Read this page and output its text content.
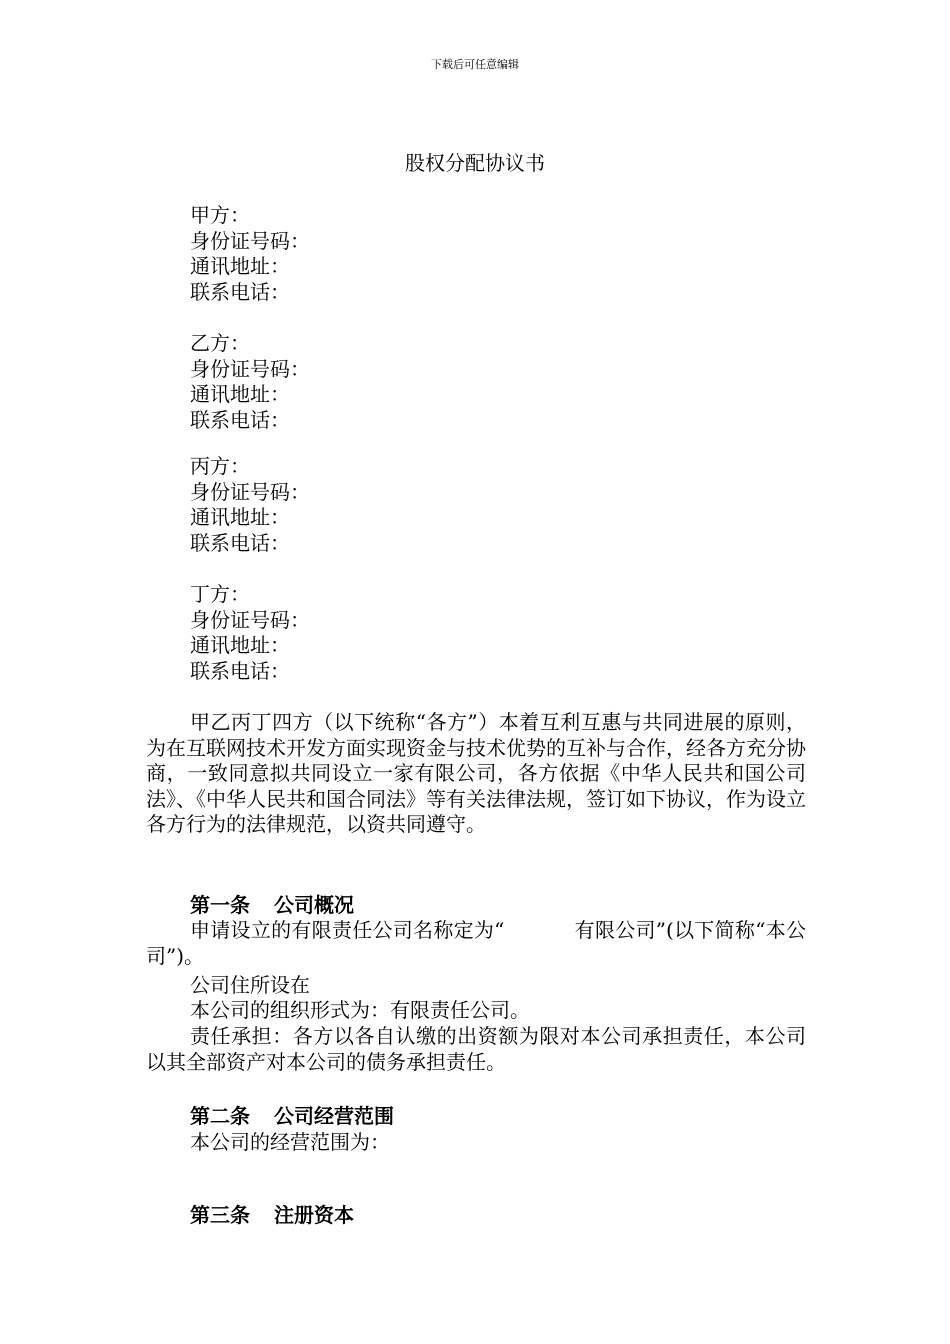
下载后可任意编辑
股权分配协议书
甲方：
身份证号码：
通讯地址：
联系电话：
乙方：
身份证号码：
通讯地址：
联系电话：
丙方：
身份证号码：
通讯地址：
联系电话：
丁方：
身份证号码：
通讯地址：
联系电话：
甲乙丙丁四方（以下统称“各方”）本着互利互惠与共同进展的原则，为在互联网技术开发方面实现资金与技术优势的互补与合作，经各方充分协商，一致同意拟共同设立一家有限公司，各方依据《中华人民共和国公司法》、《中华人民共和国合同法》等有关法律法规，签订如下协议，作为设立各方行为的法律规范，以资共同遵守。
第一条 公司概况
申请设立的有限责任公司名称定为“	有限公司”(以下简称“本公司”)。
公司住所设在
本公司的组织形式为：有限责任公司。
责任承担：各方以各自认缴的出资额为限对本公司承担责任，本公司以其全部资产对本公司的债务承担责任。
第二条 公司经营范围
本公司的经营范围为：
第三条 注册资本
